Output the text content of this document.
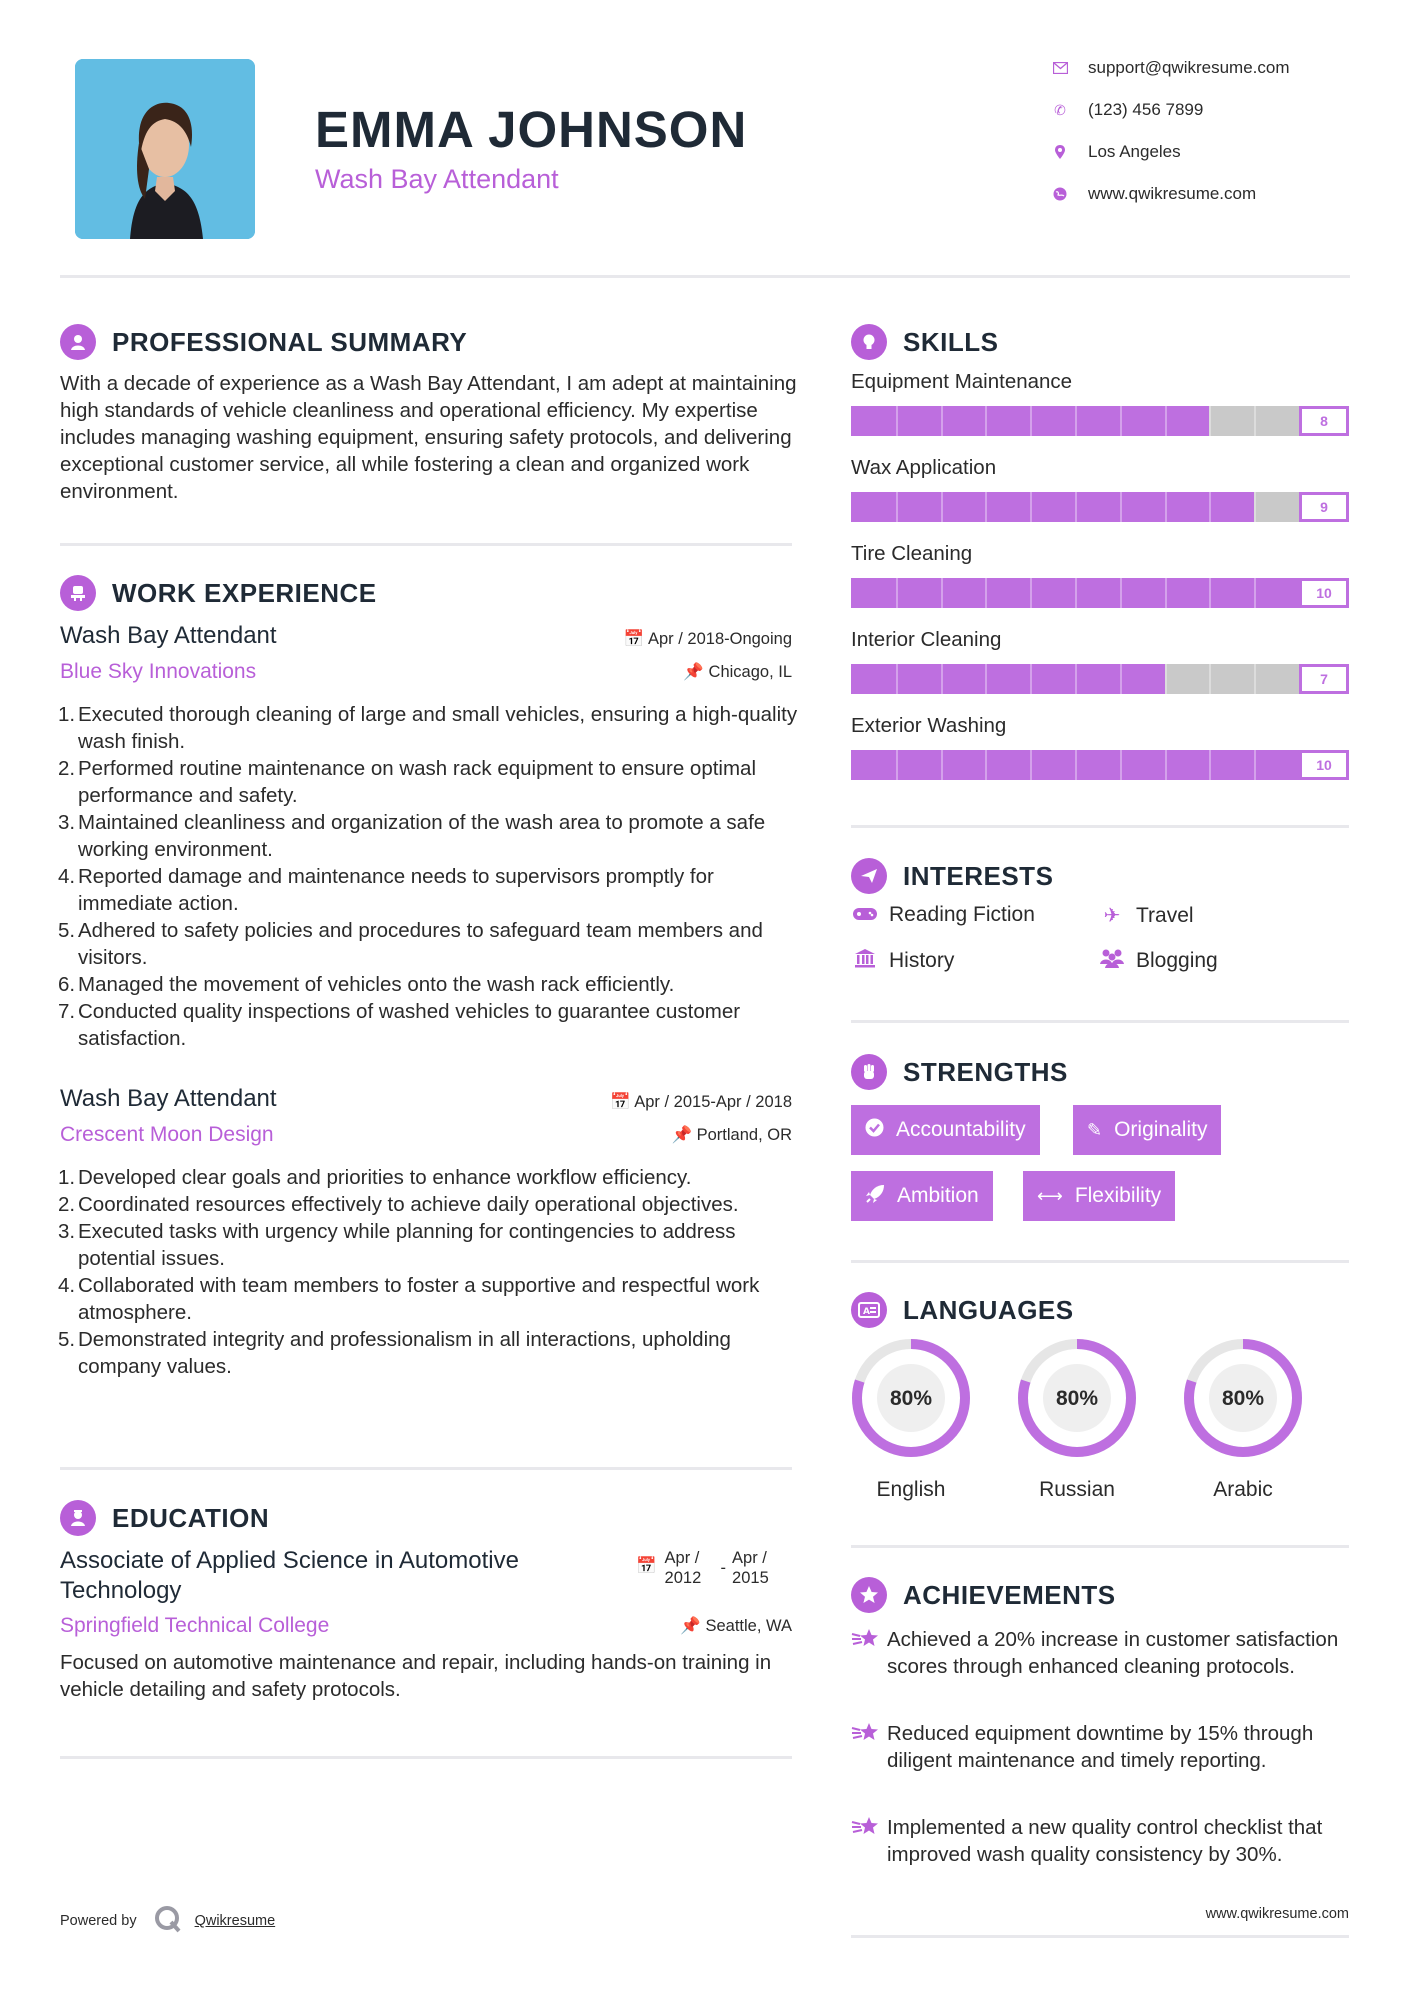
EMMA JOHNSON
Wash Bay Attendant
support@qwikresume.com
✆ (123) 456 7899
Los Angeles
www.qwikresume.com
PROFESSIONAL SUMMARY
With a decade of experience as a Wash Bay Attendant, I am adept at maintaining high standards of vehicle cleanliness and operational efficiency. My expertise includes managing washing equipment, ensuring safety protocols, and delivering exceptional customer service, all while fostering a clean and organized work environment.
WORK EXPERIENCE
Wash Bay Attendant	📅 Apr / 2018-Ongoing
Blue Sky Innovations	📌 Chicago, IL
1. Executed thorough cleaning of large and small vehicles, ensuring a high-quality wash finish.
2. Performed routine maintenance on wash rack equipment to ensure optimal performance and safety.
3. Maintained cleanliness and organization of the wash area to promote a safe working environment.
4. Reported damage and maintenance needs to supervisors promptly for immediate action.
5. Adhered to safety policies and procedures to safeguard team members and visitors.
6. Managed the movement of vehicles onto the wash rack efficiently.
7. Conducted quality inspections of washed vehicles to guarantee customer satisfaction.
Wash Bay Attendant	📅 Apr / 2015-Apr / 2018
Crescent Moon Design	📌 Portland, OR
1. Developed clear goals and priorities to enhance workflow efficiency.
2. Coordinated resources effectively to achieve daily operational objectives.
3. Executed tasks with urgency while planning for contingencies to address potential issues.
4. Collaborated with team members to foster a supportive and respectful work atmosphere.
5. Demonstrated integrity and professionalism in all interactions, upholding company values.
EDUCATION
Associate of Applied Science in Automotive Technology
📅 Apr / 2012
-
Apr / 2015
Springfield Technical College	📌 Seattle, WA
Focused on automotive maintenance and repair, including hands-on training in vehicle detailing and safety protocols.
Powered by	Qwikresume
SKILLS
Equipment Maintenance
8
Wax Application
9
Tire Cleaning
10
Interior Cleaning
7
Exterior Washing
10
INTERESTS
Reading Fiction	✈ Travel
History	Blogging
STRENGTHS
Accountability	✎ Originality
Ambition	⟷ Flexibility
A LANGUAGES
80%
English
80%
Russian
80%
Arabic
ACHIEVEMENTS
Achieved a 20% increase in customer satisfaction scores through enhanced cleaning protocols.
Reduced equipment downtime by 15% through diligent maintenance and timely reporting.
Implemented a new quality control checklist that improved wash quality consistency by 30%.
www.qwikresume.com
